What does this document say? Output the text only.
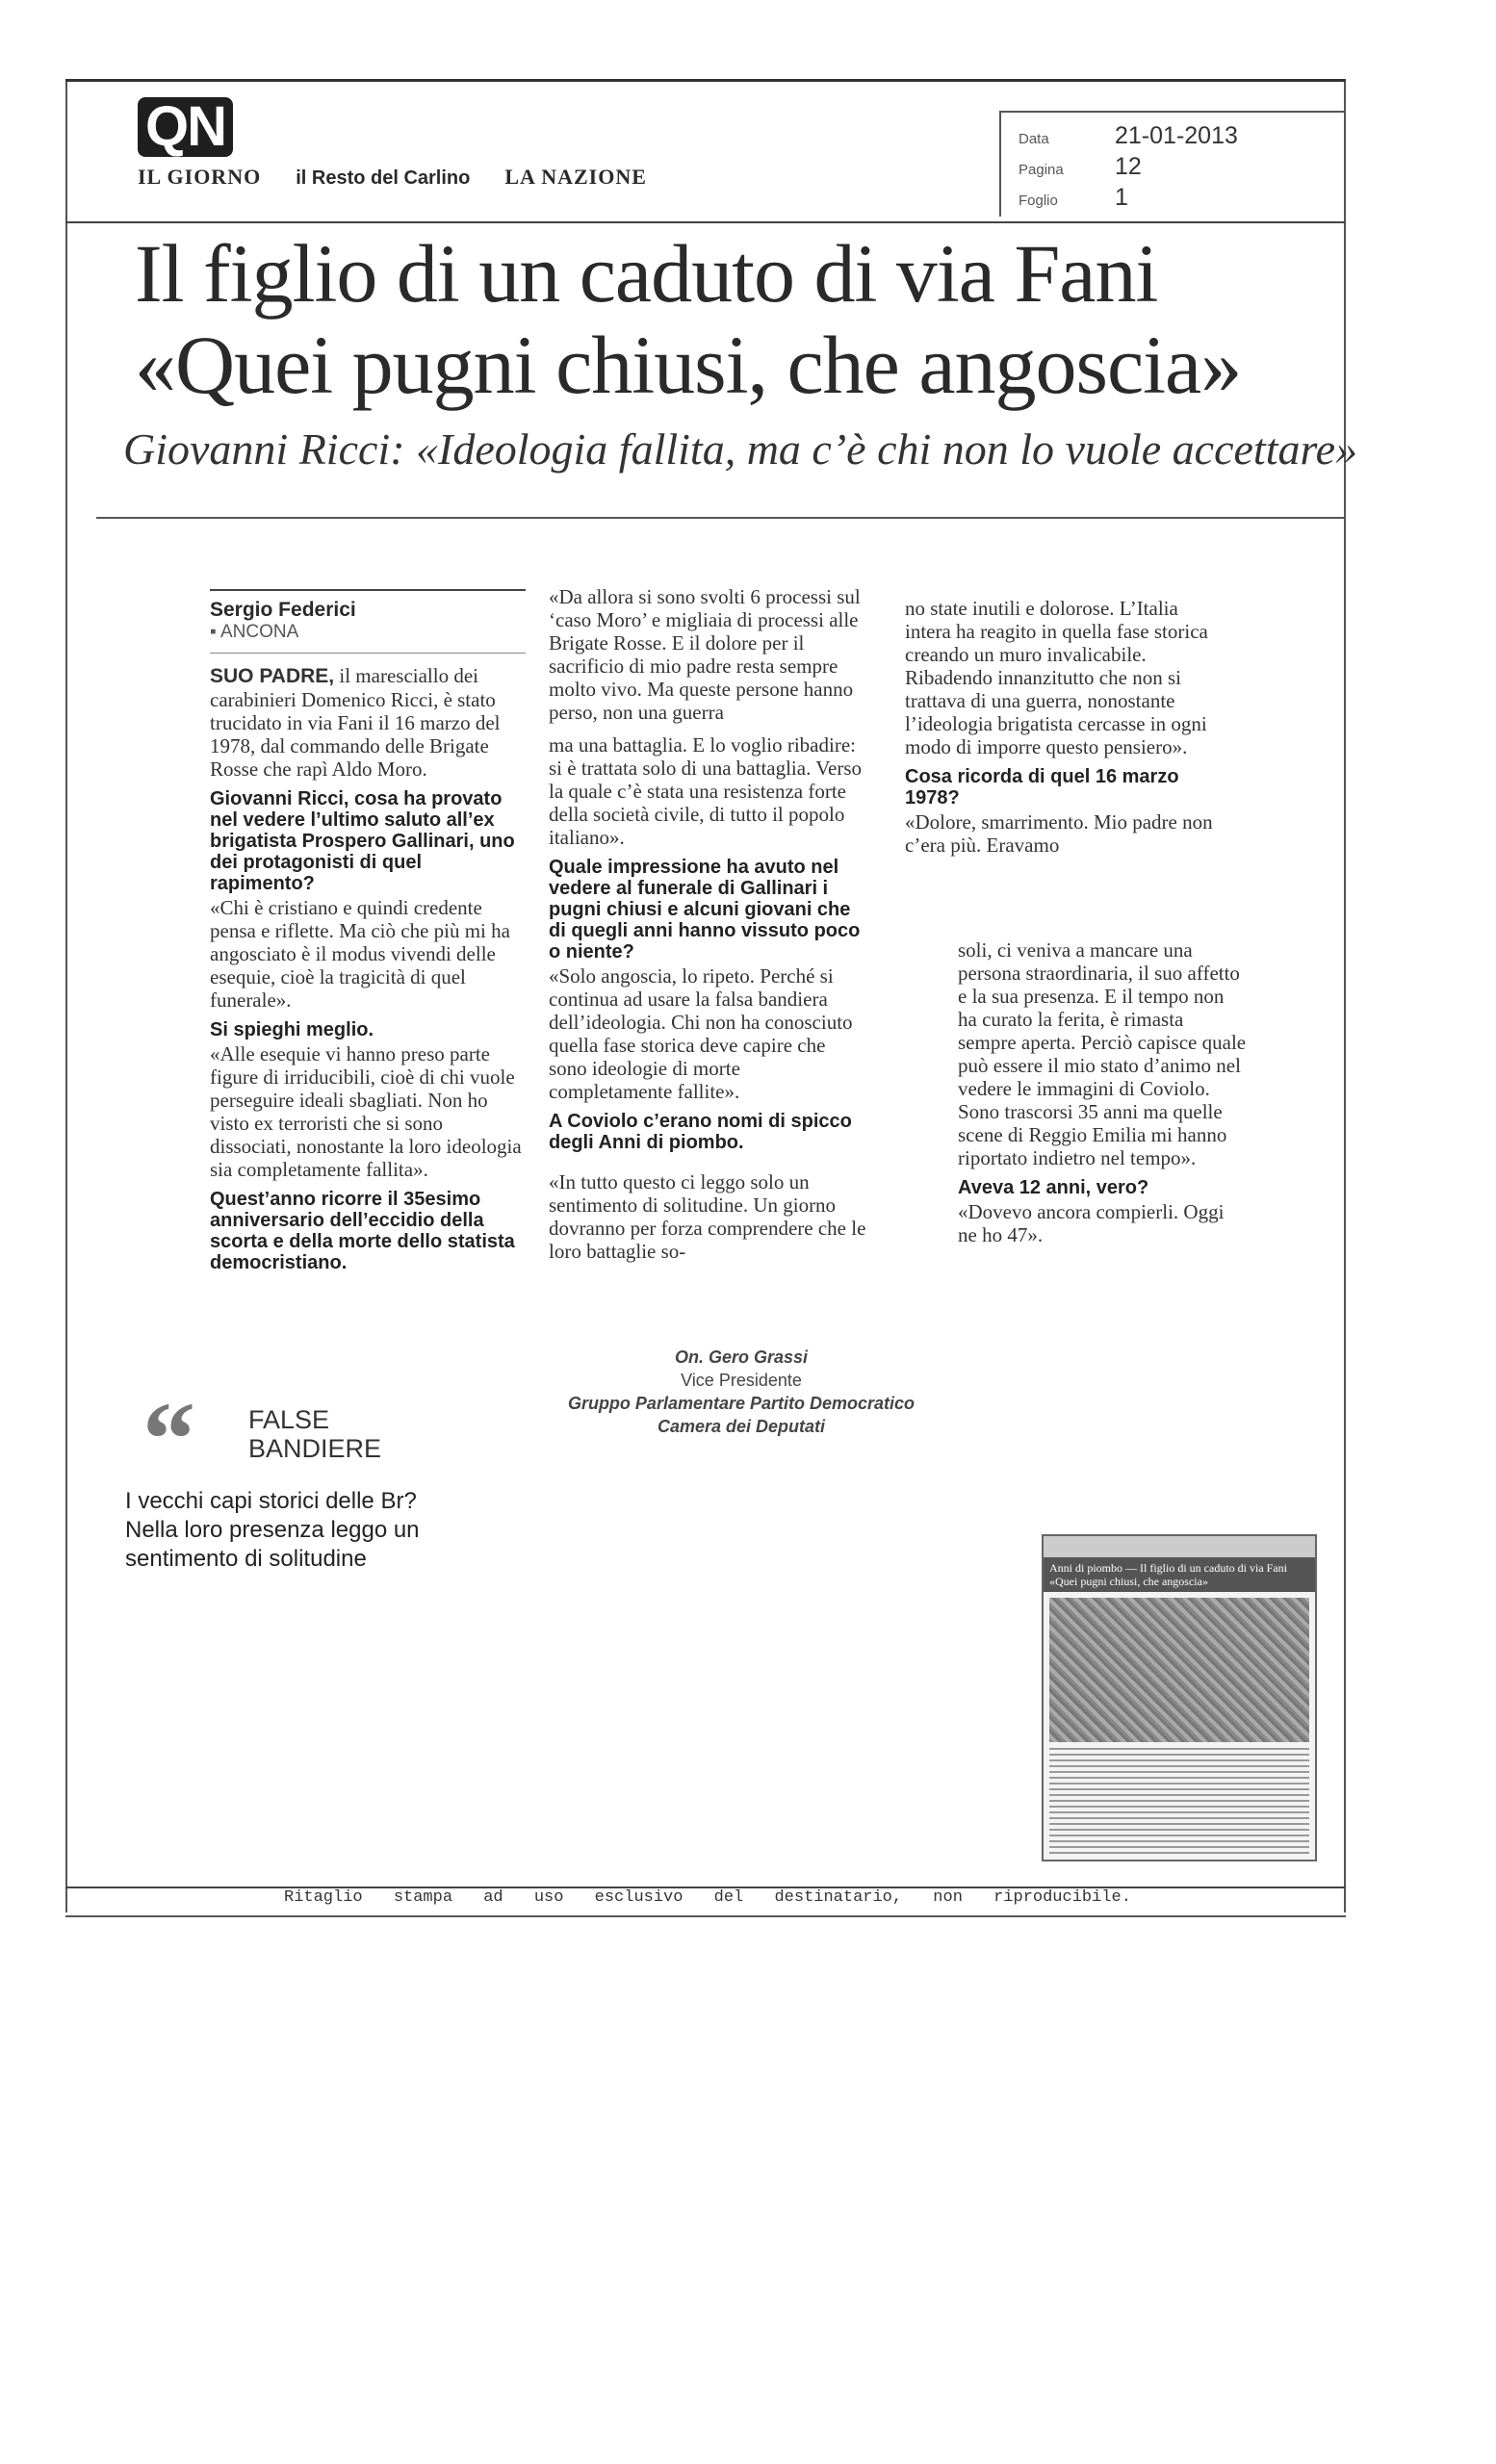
QN
IL GIORNO il Resto del Carlino LA NAZIONE
Data	21-01-2013
Pagina	12
Foglio	1
Il figlio di un caduto di via Fani
«Quei pugni chiusi, che angoscia»
Giovanni Ricci: «Ideologia fallita, ma c’è chi non lo vuole accettare»
Sergio Federici
▪ ANCONA

SUO PADRE, il maresciallo dei carabinieri Domenico Ricci, è stato trucidato in via Fani il 16 marzo del 1978, dal commando delle Brigate Rosse che rapì Aldo Moro.

Giovanni Ricci, cosa ha provato nel vedere l’ultimo saluto all’ex brigatista Prospero Gallinari, uno dei protagonisti di quel rapimento?

«Chi è cristiano e quindi credente pensa e riflette. Ma ciò che più mi ha angosciato è il modus vivendi delle esequie, cioè la tragicità di quel funerale».

Si spieghi meglio.

«Alle esequie vi hanno preso parte figure di irriducibili, cioè di chi vuole perseguire ideali sbagliati. Non ho visto ex terroristi che si sono dissociati, nonostante la loro ideologia sia completamente fallita».

Quest’anno ricorre il 35esimo anniversario dell’eccidio della scorta e della morte dello statista democristiano.

«Da allora si sono svolti 6 processi sul ‘caso Moro’ e migliaia di processi alle Brigate Rosse. E il dolore per il sacrificio di mio padre resta sempre molto vivo. Ma queste persone hanno perso, non una guerra

ma una battaglia. E lo voglio ribadire: si è trattata solo di una battaglia. Verso la quale c’è stata una resistenza forte della società civile, di tutto il popolo italiano».

Quale impressione ha avuto nel vedere al funerale di Gallinari i pugni chiusi e alcuni giovani che di quegli anni hanno vissuto poco o niente?

«Solo angoscia, lo ripeto. Perché si continua ad usare la falsa bandiera dell’ideologia. Chi non ha conosciuto quella fase storica deve capire che sono ideologie di morte completamente fallite».

A Coviolo c’erano nomi di spicco degli Anni di piombo.

«In tutto questo ci leggo solo un sentimento di solitudine. Un giorno dovranno per forza comprendere che le loro battaglie so-

no state inutili e dolorose. L’Italia intera ha reagito in quella fase storica creando un muro invalicabile. Ribadendo innanzitutto che non si trattava di una guerra, nonostante l’ideologia brigatista cercasse in ogni modo di imporre questo pensiero».

Cosa ricorda di quel 16 marzo 1978?

«Dolore, smarrimento. Mio padre non c’era più. Eravamo

soli, ci veniva a mancare una persona straordinaria, il suo affetto e la sua presenza. E il tempo non ha curato la ferita, è rimasta sempre aperta. Perciò capisce quale può essere il mio stato d’animo nel vedere le immagini di Coviolo. Sono trascorsi 35 anni ma quelle scene di Reggio Emilia mi hanno riportato indietro nel tempo».

Aveva 12 anni, vero?

«Dovevo ancora compierli. Oggi ne ho 47».

On. Gero Grassi
Vice Presidente
Gruppo Parlamentare Partito Democratico
Camera dei Deputati
“ FALSE
BANDIERE
I vecchi capi storici delle Br? Nella loro presenza leggo un sentimento di solitudine	Anni di piombo — Il figlio di un caduto di via Fani «Quei pugni chiusi, che angoscia»
Ritaglio stampa ad uso esclusivo del destinatario, non riproducibile.
